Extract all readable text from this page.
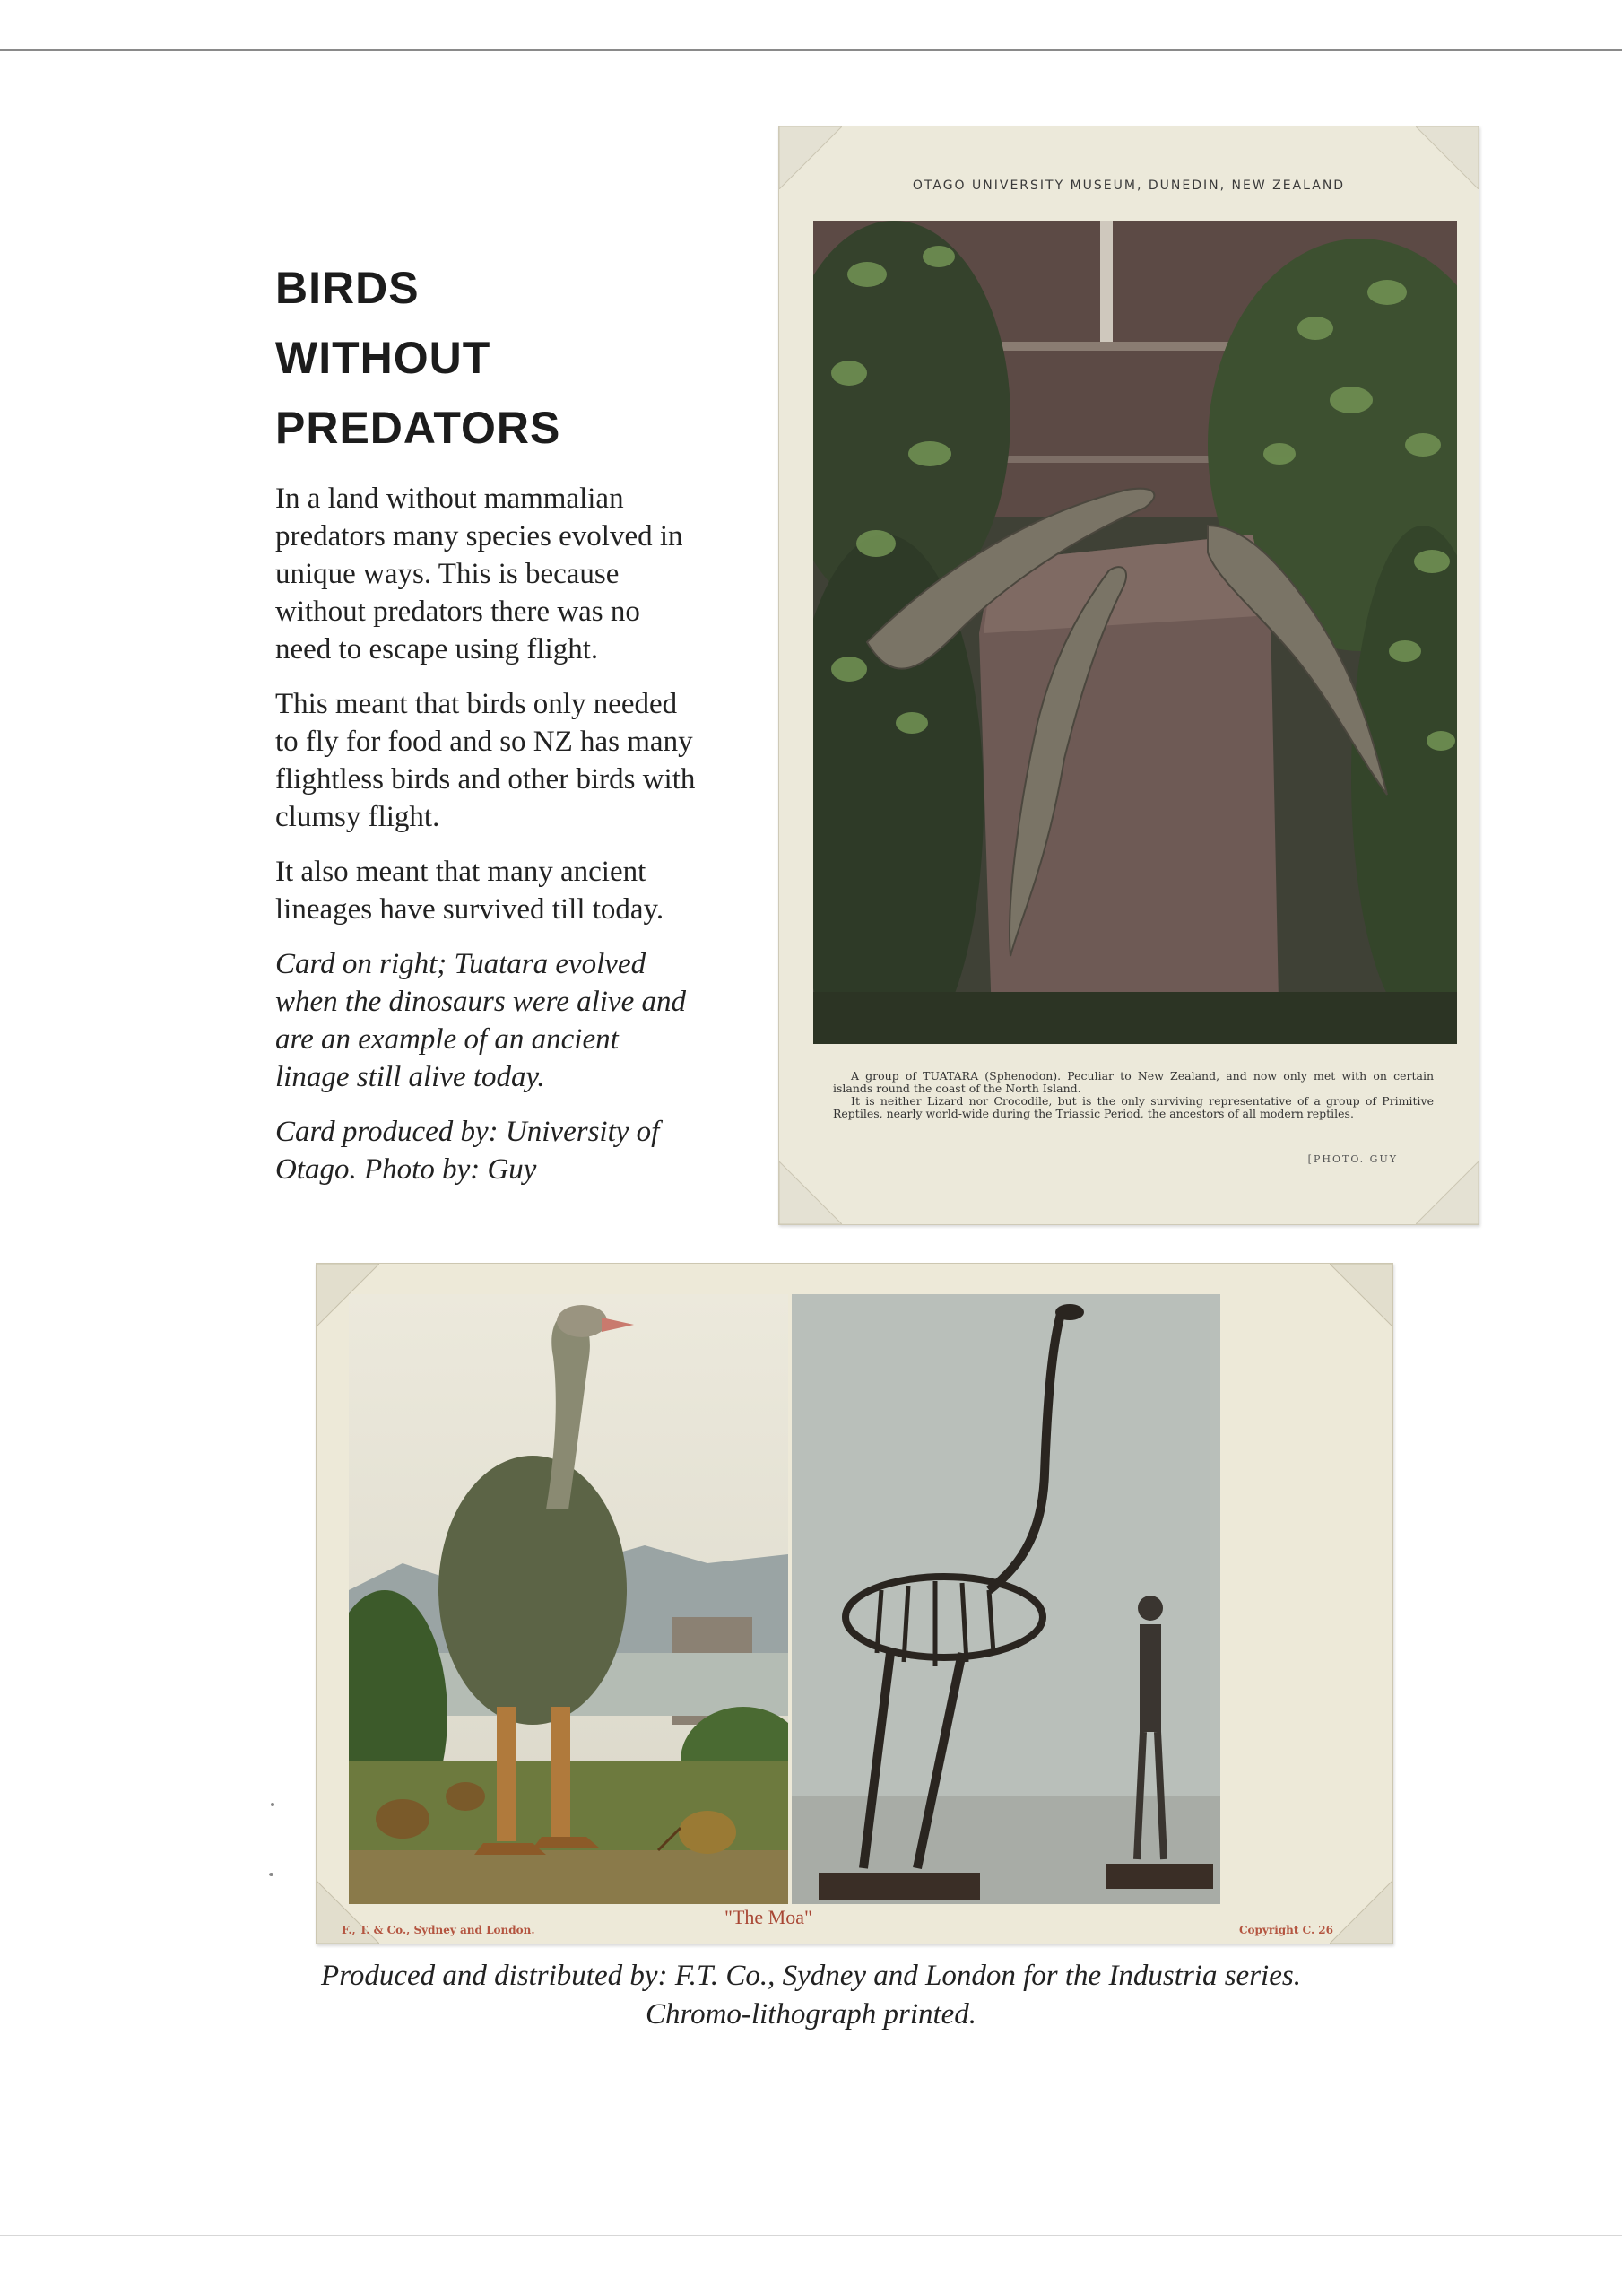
BIRDS
WITHOUT
PREDATORS

In a land without mammalian predators many species evolved in unique ways. This is because without predators there was no need to escape using flight.

This meant that birds only needed to fly for food and so NZ has many flightless birds and other birds with clumsy flight.

It also meant that many ancient lineages have survived till today.

Card on right; Tuatara evolved when the dinosaurs were alive and are an example of an ancient linage still alive today.

Card produced by: University of Otago. Photo by: Guy

OTAGO UNIVERSITY MUSEUM, DUNEDIN, NEW ZEALAND

A group of TUATARA (Sphenodon). Peculiar to New Zealand, and now only met with on certain islands round the coast of the North Island.

It is neither Lizard nor Crocodile, but is the only surviving representative of a group of Primitive Reptiles, nearly world-wide during the Triassic Period, the ancestors of all modern reptiles.

[PHOTO. GUY
F., T. & Co., Sydney and London.
"The Moa"
Copyright C. 26
Produced and distributed by: F.T. Co., Sydney and London for the Industria series.
Chromo-lithograph printed.
